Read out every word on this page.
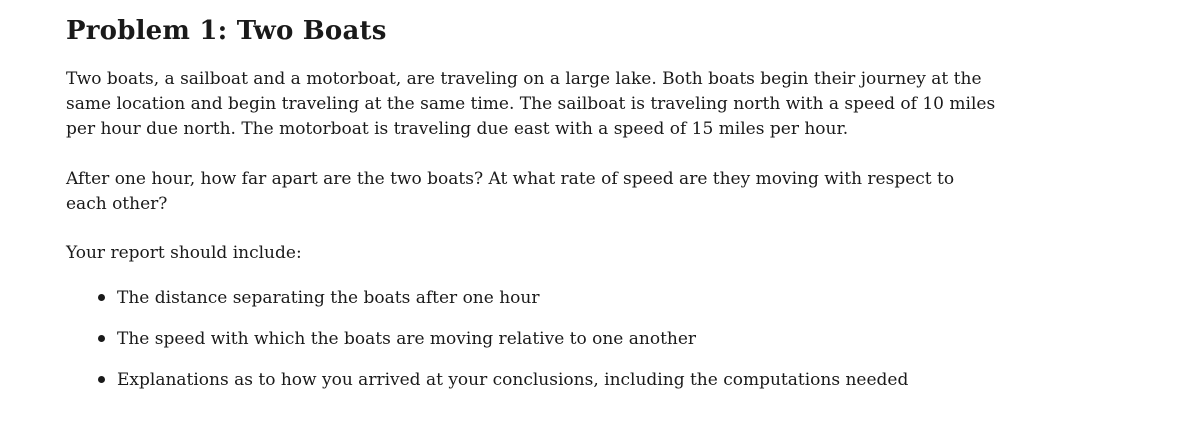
Problem 1: Two Boats

Two boats, a sailboat and a motorboat, are traveling on a large lake. Both boats begin their journey at the
same location and begin traveling at the same time. The sailboat is traveling north with a speed of 10 miles
per hour due north. The motorboat is traveling due east with a speed of 15 miles per hour.

After one hour, how far apart are the two boats? At what rate of speed are they moving with respect to
each other?

Your report should include:

The distance separating the boats after one hour
The speed with which the boats are moving relative to one another
Explanations as to how you arrived at your conclusions, including the computations needed
